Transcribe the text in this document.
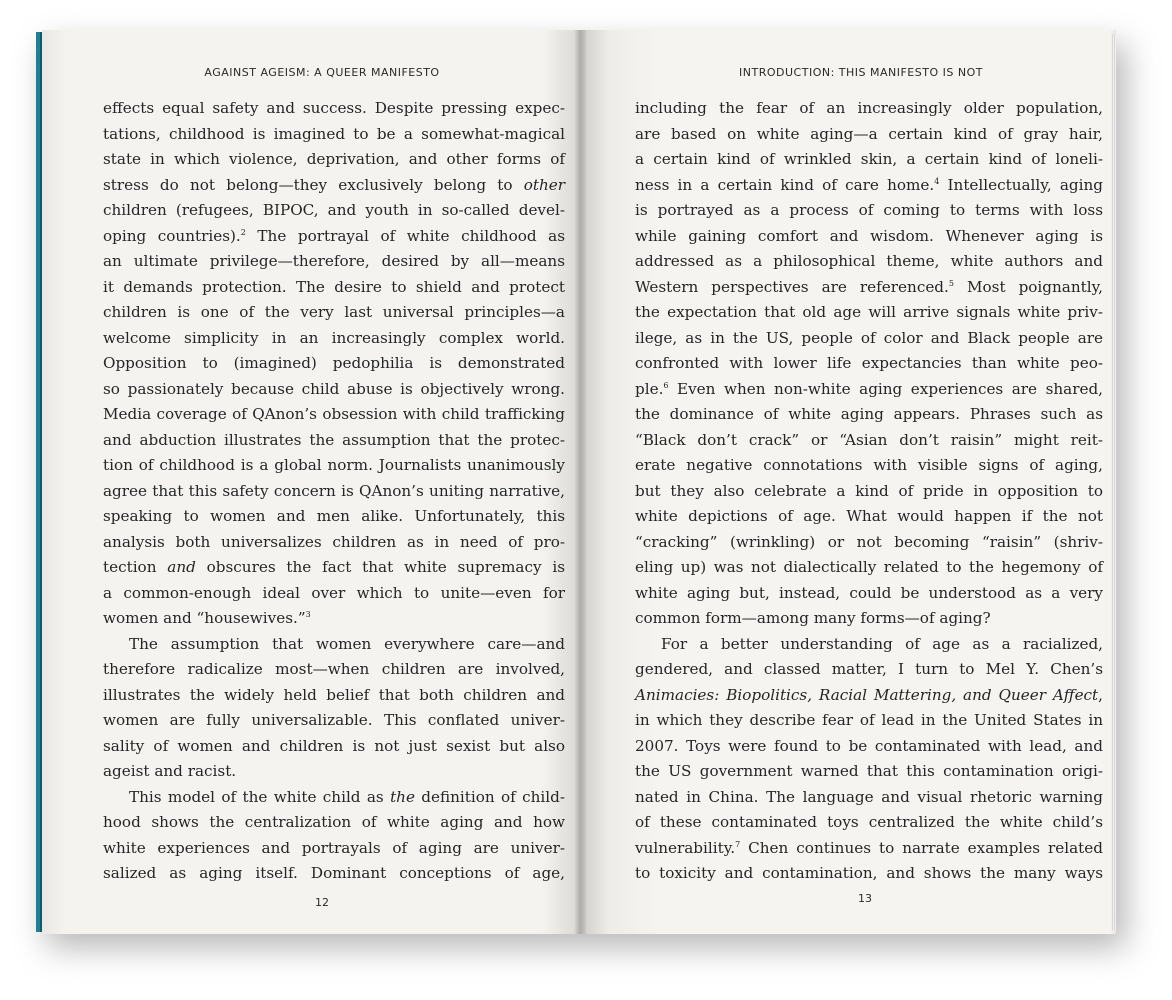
AGAINST AGEISM: A QUEER MANIFESTO

effects equal safety and success. Despite pressing expec-

tations, childhood is imagined to be a somewhat-magical

state in which violence, deprivation, and other forms of

stress do not belong—they exclusively belong to other

children (refugees, BIPOC, and youth in so-called devel-

oping countries).$^2$ The portrayal of white childhood as

an ultimate privilege—therefore, desired by all—means

it demands protection. The desire to shield and protect

children is one of the very last universal principles—a

welcome simplicity in an increasingly complex world.

Opposition to (imagined) pedophilia is demonstrated

so passionately because child abuse is objectively wrong.

Media coverage of QAnon’s obsession with child trafficking

and abduction illustrates the assumption that the protec-

tion of childhood is a global norm. Journalists unanimously

agree that this safety concern is QAnon’s uniting narrative,

speaking to women and men alike. Unfortunately, this

analysis both universalizes children as in need of pro-

tection and obscures the fact that white supremacy is

a common-enough ideal over which to unite—even for

women and “housewives.”$^3$

The assumption that women everywhere care—and

therefore radicalize most—when children are involved,

illustrates the widely held belief that both children and

women are fully universalizable. This conflated univer-

sality of women and children is not just sexist but also

ageist and racist.

This model of the white child as the definition of child-

hood shows the centralization of white aging and how

white experiences and portrayals of aging are univer-

salized as aging itself. Dominant conceptions of age,

12
INTRODUCTION: THIS MANIFESTO IS NOT

including the fear of an increasingly older population,

are based on white aging—a certain kind of gray hair,

a certain kind of wrinkled skin, a certain kind of loneli-

ness in a certain kind of care home.$^4$ Intellectually, aging

is portrayed as a process of coming to terms with loss

while gaining comfort and wisdom. Whenever aging is

addressed as a philosophical theme, white authors and

Western perspectives are referenced.$^5$ Most poignantly,

the expectation that old age will arrive signals white priv-

ilege, as in the US, people of color and Black people are

confronted with lower life expectancies than white peo-

ple.$^6$ Even when non-white aging experiences are shared,

the dominance of white aging appears. Phrases such as

“Black don’t crack” or “Asian don’t raisin” might reit-

erate negative connotations with visible signs of aging,

but they also celebrate a kind of pride in opposition to

white depictions of age. What would happen if the not

“cracking” (wrinkling) or not becoming “raisin” (shriv-

eling up) was not dialectically related to the hegemony of

white aging but, instead, could be understood as a very

common form—among many forms—of aging?

For a better understanding of age as a racialized,

gendered, and classed matter, I turn to Mel Y. Chen’s

Animacies: Biopolitics, Racial Mattering, and Queer Affect,

in which they describe fear of lead in the United States in

2007. Toys were found to be contaminated with lead, and

the US government warned that this contamination origi-

nated in China. The language and visual rhetoric warning

of these contaminated toys centralized the white child’s

vulnerability.$^7$ Chen continues to narrate examples related

to toxicity and contamination, and shows the many ways

13
